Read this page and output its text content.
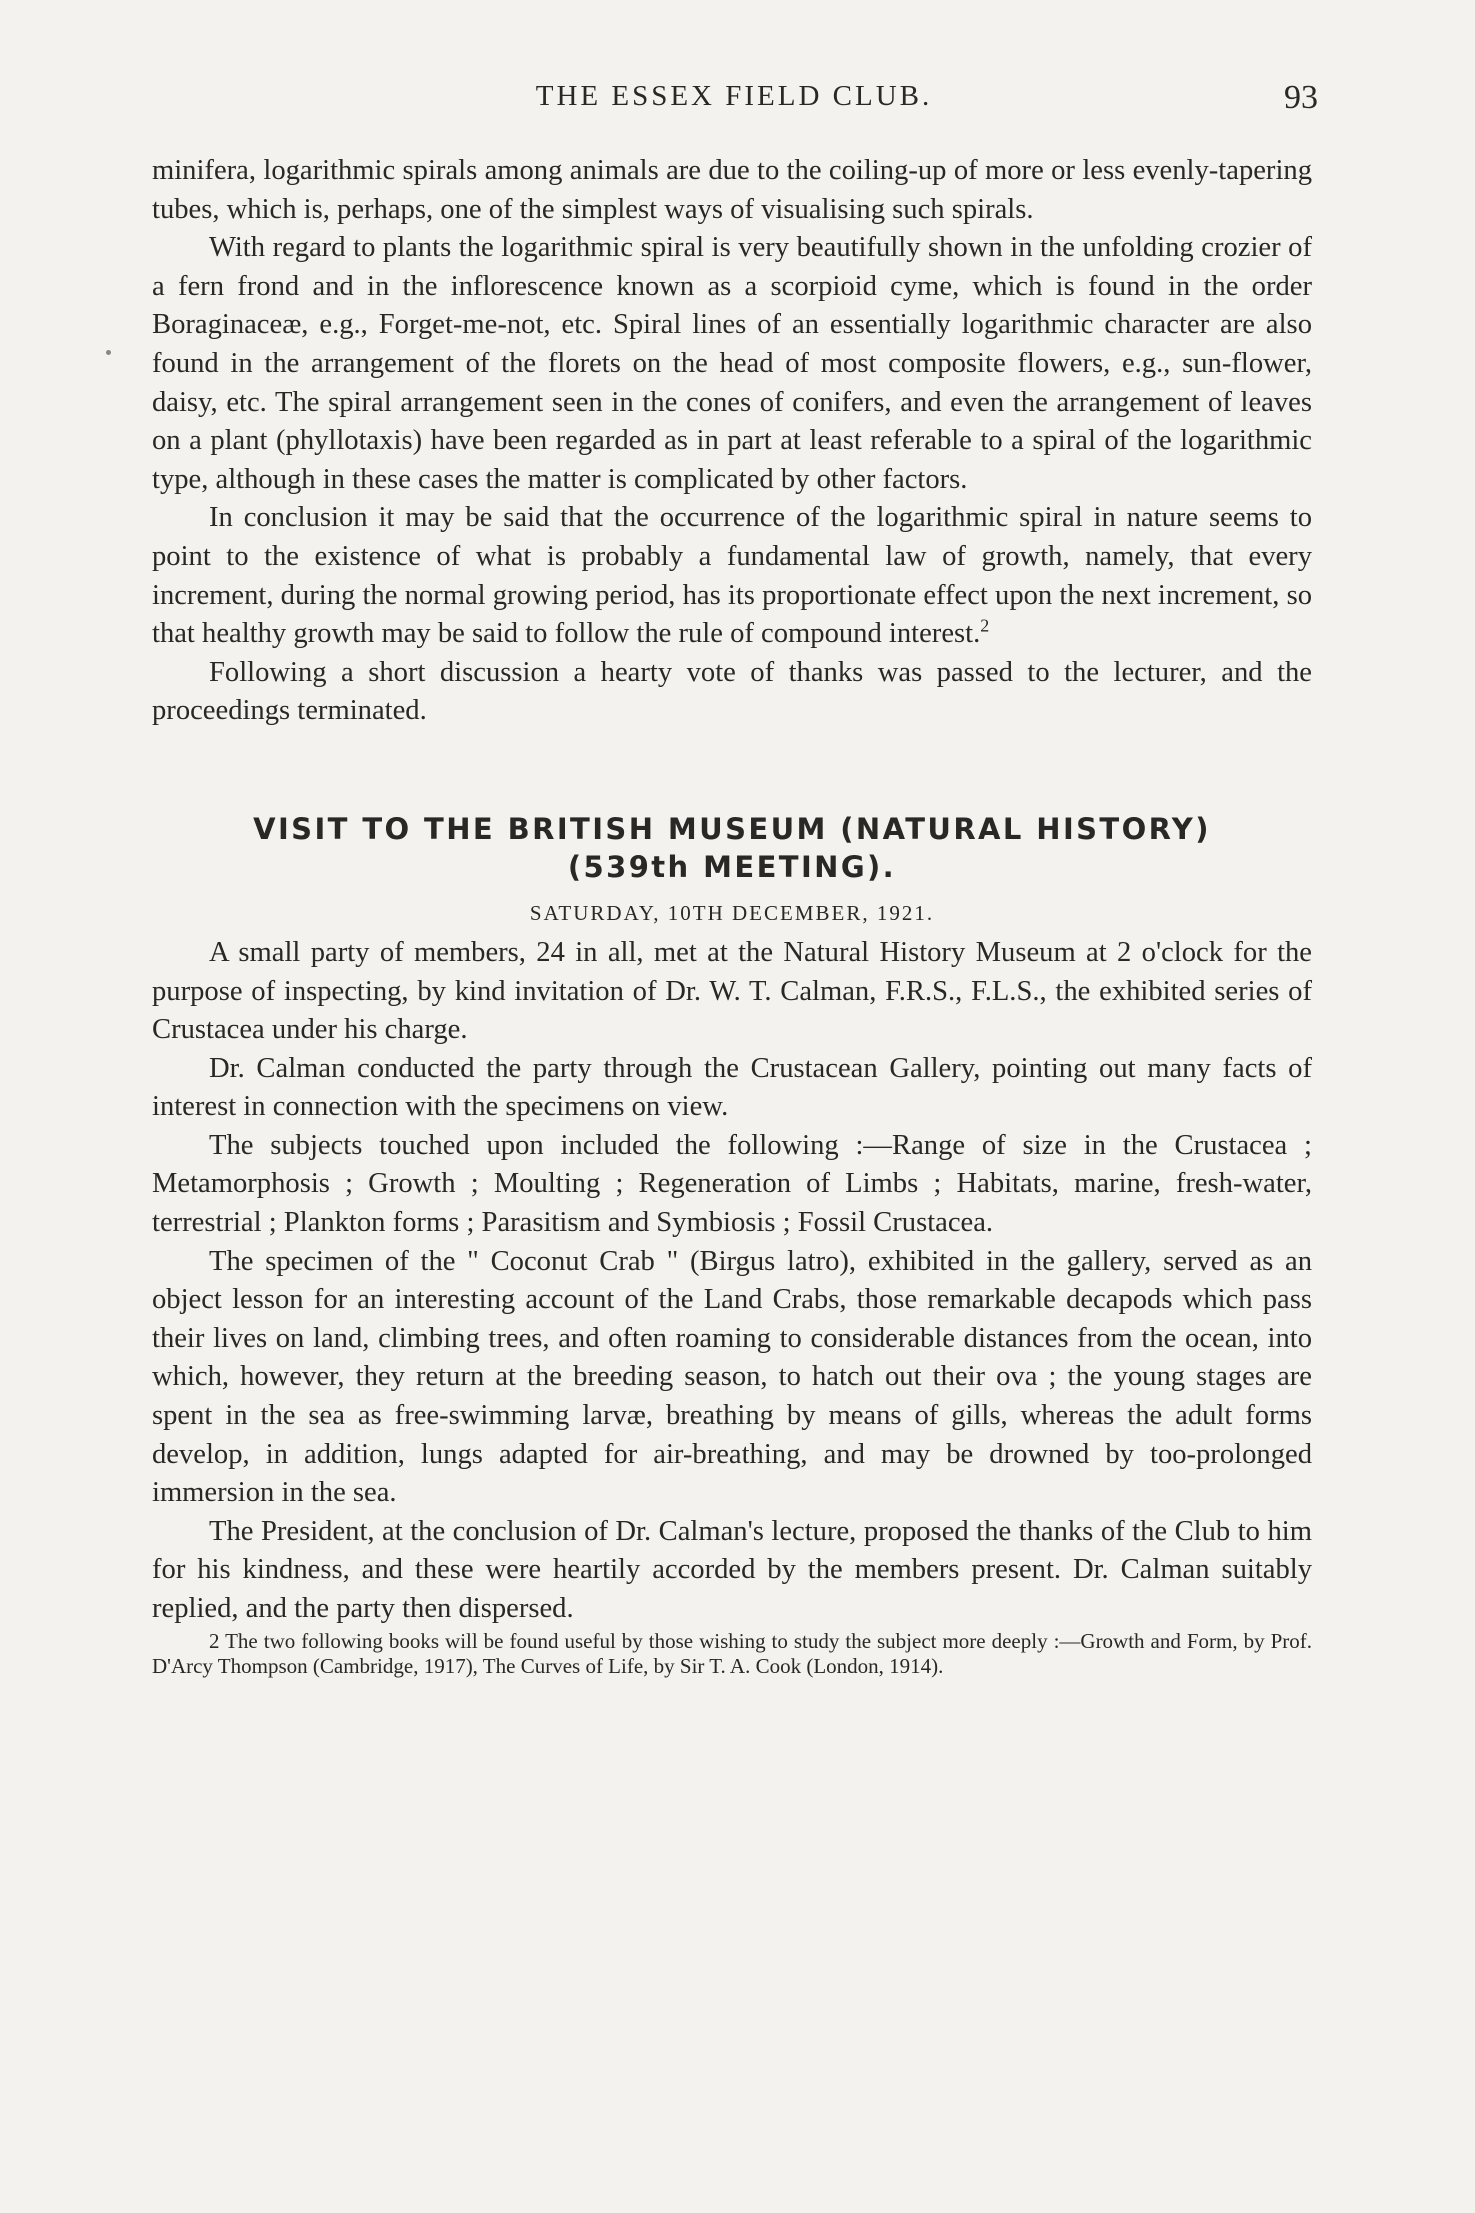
THE ESSEX FIELD CLUB.	93

minifera, logarithmic spirals among animals are due to the coiling-up of more or less evenly-tapering tubes, which is, perhaps, one of the simplest ways of visualising such spirals.

With regard to plants the logarithmic spiral is very beautifully shown in the unfolding crozier of a fern frond and in the inflorescence known as a scorpioid cyme, which is found in the order Boraginaceæ, e.g., Forget-me-not, etc. Spiral lines of an essentially logarithmic character are also found in the arrangement of the florets on the head of most composite flowers, e.g., sun-flower, daisy, etc. The spiral arrangement seen in the cones of conifers, and even the arrangement of leaves on a plant (phyllotaxis) have been regarded as in part at least referable to a spiral of the logarithmic type, although in these cases the matter is complicated by other factors.

In conclusion it may be said that the occurrence of the logarithmic spiral in nature seems to point to the existence of what is probably a fundamental law of growth, namely, that every increment, during the normal growing period, has its proportionate effect upon the next increment, so that healthy growth may be said to follow the rule of compound interest.$^2$

Following a short discussion a hearty vote of thanks was passed to the lecturer, and the proceedings terminated.

VISIT TO THE BRITISH MUSEUM (NATURAL HISTORY)
(539th MEETING).
SATURDAY, 10TH DECEMBER, 1921.

A small party of members, 24 in all, met at the Natural History Museum at 2 o'clock for the purpose of inspecting, by kind invitation of Dr. W. T. Calman, F.R.S., F.L.S., the exhibited series of Crustacea under his charge.

Dr. Calman conducted the party through the Crustacean Gallery, pointing out many facts of interest in connection with the specimens on view.

The subjects touched upon included the following :—Range of size in the Crustacea ; Metamorphosis ; Growth ; Moulting ; Regeneration of Limbs ; Habitats, marine, fresh-water, terrestrial ; Plankton forms ; Parasitism and Symbiosis ; Fossil Crustacea.

The specimen of the " Coconut Crab " (Birgus latro), exhibited in the gallery, served as an object lesson for an interesting account of the Land Crabs, those remarkable decapods which pass their lives on land, climbing trees, and often roaming to considerable distances from the ocean, into which, however, they return at the breeding season, to hatch out their ova ; the young stages are spent in the sea as free-swimming larvæ, breathing by means of gills, whereas the adult forms develop, in addition, lungs adapted for air-breathing, and may be drowned by too-prolonged immersion in the sea.

The President, at the conclusion of Dr. Calman's lecture, proposed the thanks of the Club to him for his kindness, and these were heartily accorded by the members present. Dr. Calman suitably replied, and the party then dispersed.

2 The two following books will be found useful by those wishing to study the subject more deeply :—Growth and Form, by Prof. D'Arcy Thompson (Cambridge, 1917), The Curves of Life, by Sir T. A. Cook (London, 1914).
